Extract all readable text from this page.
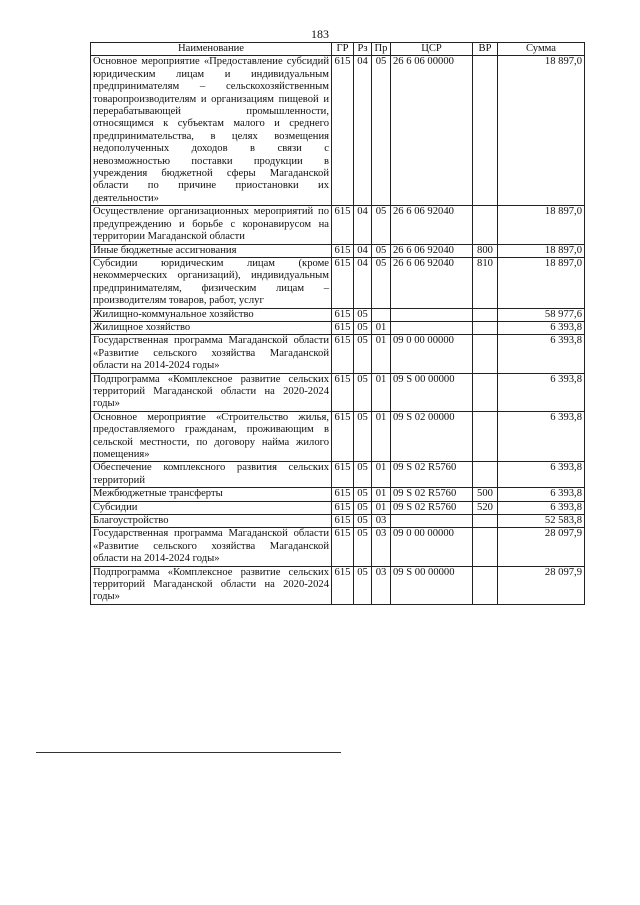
183
Наименование	ГР	Рз	Пр	ЦСР	ВР	Сумма
Основное мероприятие «Предоставление субсидий юридическим лицам и индивидуальным предпринимателям – сельскохозяйственным товаропроизводителям и организациям пищевой и перерабатывающей промышленности, относящимся к субъектам малого и среднего предпринимательства, в целях возмещения недополученных доходов в связи с невозможностью поставки продукции в учреждения бюджетной сферы Магаданской области по причине приостановки их деятельности»	615	04	05	26 6 06 00000		18 897,0
Осуществление организационных мероприятий по предупреждению и борьбе с коронавирусом на территории Магаданской области	615	04	05	26 6 06 92040		18 897,0
Иные бюджетные ассигнования	615	04	05	26 6 06 92040	800	18 897,0
Субсидии юридическим лицам (кроме некоммерческих организаций), индивидуальным предпринимателям, физическим лицам – производителям товаров, работ, услуг	615	04	05	26 6 06 92040	810	18 897,0
Жилищно-коммунальное хозяйство	615	05				58 977,6
Жилищное хозяйство	615	05	01			6 393,8
Государственная программа Магаданской области «Развитие сельского хозяйства Магаданской области на 2014-2024 годы»	615	05	01	09 0 00 00000		6 393,8
Подпрограмма «Комплексное развитие сельских территорий Магаданской области на 2020-2024 годы»	615	05	01	09 S 00 00000		6 393,8
Основное мероприятие «Строительство жилья, предоставляемого гражданам, проживающим в сельской местности, по договору найма жилого помещения»	615	05	01	09 S 02 00000		6 393,8
Обеспечение комплексного развития сельских территорий	615	05	01	09 S 02 R5760		6 393,8
Межбюджетные трансферты	615	05	01	09 S 02 R5760	500	6 393,8
Субсидии	615	05	01	09 S 02 R5760	520	6 393,8
Благоустройство	615	05	03			52 583,8
Государственная программа Магаданской области «Развитие сельского хозяйства Магаданской области на 2014-2024 годы»	615	05	03	09 0 00 00000		28 097,9
Подпрограмма «Комплексное развитие сельских территорий Магаданской области на 2020-2024 годы»	615	05	03	09 S 00 00000		28 097,9
